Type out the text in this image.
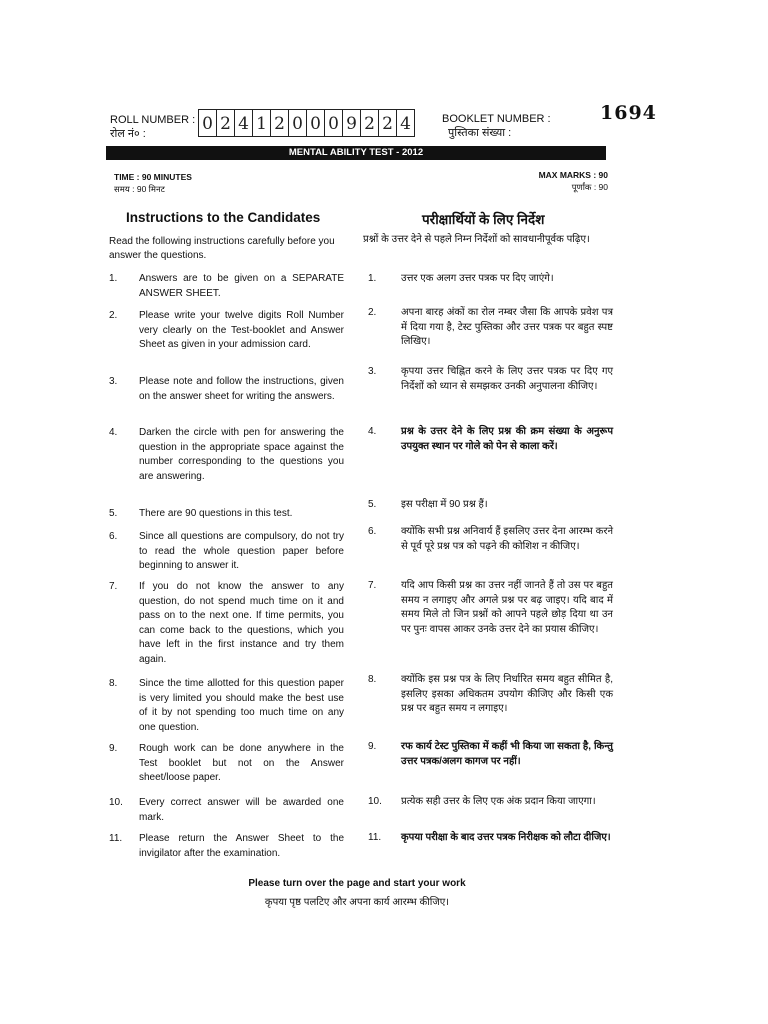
ROLL NUMBER :
रोल नं० :	0 2 4 1 2 0 0 0 9 2 2 4	BOOKLET NUMBER :
पुस्तिका संख्या :
1694
MENTAL ABILITY TEST - 2012
TIME : 90 MINUTES
समय : 90 मिनट
MAX MARKS : 90
पूर्णांक : 90
Instructions to the Candidates	परीक्षार्थियों के लिए निर्देश
Read the following instructions carefully before you answer the questions.
प्रश्नों के उत्तर देने से पहले निम्न निर्देशों को सावधानीपूर्वक पढ़िए।
1.	Answers are to be given on a SEPARATE ANSWER SHEET.
2.	Please write your twelve digits Roll Number very clearly on the Test-booklet and Answer Sheet as given in your admission card.
3.	Please note and follow the instructions, given on the answer sheet for writing the answers.
4.	Darken the circle with pen for answering the question in the appropriate space against the number corresponding to the questions you are answering.
5.	There are 90 questions in this test.
6.	Since all questions are compulsory, do not try to read the whole question paper before beginning to answer it.
7.	If you do not know the answer to any question, do not spend much time on it and pass on to the next one. If time permits, you can come back to the questions, which you have left in the first instance and try them again.
8.	Since the time allotted for this question paper is very limited you should make the best use of it by not spending too much time on any one question.
9.	Rough work can be done anywhere in the Test booklet but not on the Answer sheet/loose paper.
10. Every correct answer will be awarded one mark.
11. Please return the Answer Sheet to the invigilator after the examination.
1.	उत्तर एक अलग उत्तर पत्रक पर दिए जाएंगे।
2.	अपना बारह अंकों का रोल नम्बर जैसा कि आपके प्रवेश पत्र में दिया गया है, टेस्ट पुस्तिका और उत्तर पत्रक पर बहुत स्पष्ट लिखिए।
3.	कृपया उत्तर चिह्नित करने के लिए उत्तर पत्रक पर दिए गए निर्देशों को ध्यान से समझकर उनकी अनुपालना कीजिए।
4.	प्रश्न के उत्तर देने के लिए प्रश्न की क्रम संख्या के अनुरूप उपयुक्त स्थान पर गोले को पेन से काला करें।
5.	इस परीक्षा में 90 प्रश्न हैं।
6.	क्योंकि सभी प्रश्न अनिवार्य हैं इसलिए उत्तर देना आरम्भ करने से पूर्व पूरे प्रश्न पत्र को पढ़ने की कोशिश न कीजिए।
7.	यदि आप किसी प्रश्न का उत्तर नहीं जानते हैं तो उस पर बहुत समय न लगाइए और अगले प्रश्न पर बढ़ जाइए। यदि बाद में समय मिले तो जिन प्रश्नों को आपने पहले छोड़ दिया था उन पर पुनः वापस आकर उनके उत्तर देने का प्रयास कीजिए।
8.	क्योंकि इस प्रश्न पत्र के लिए निर्धारित समय बहुत सीमित है, इसलिए इसका अधिकतम उपयोग कीजिए और किसी एक प्रश्न पर बहुत समय न लगाइए।
9.	रफ कार्य टेस्ट पुस्तिका में कहीं भी किया जा सकता है, किन्तु उत्तर पत्रक/अलग कागज पर नहीं।
10. प्रत्येक सही उत्तर के लिए एक अंक प्रदान किया जाएगा।
11. कृपया परीक्षा के बाद उत्तर पत्रक निरीक्षक को लौटा दीजिए।
Please turn over the page and start your work
कृपया पृष्ठ पलटिए और अपना कार्य आरम्भ कीजिए।
